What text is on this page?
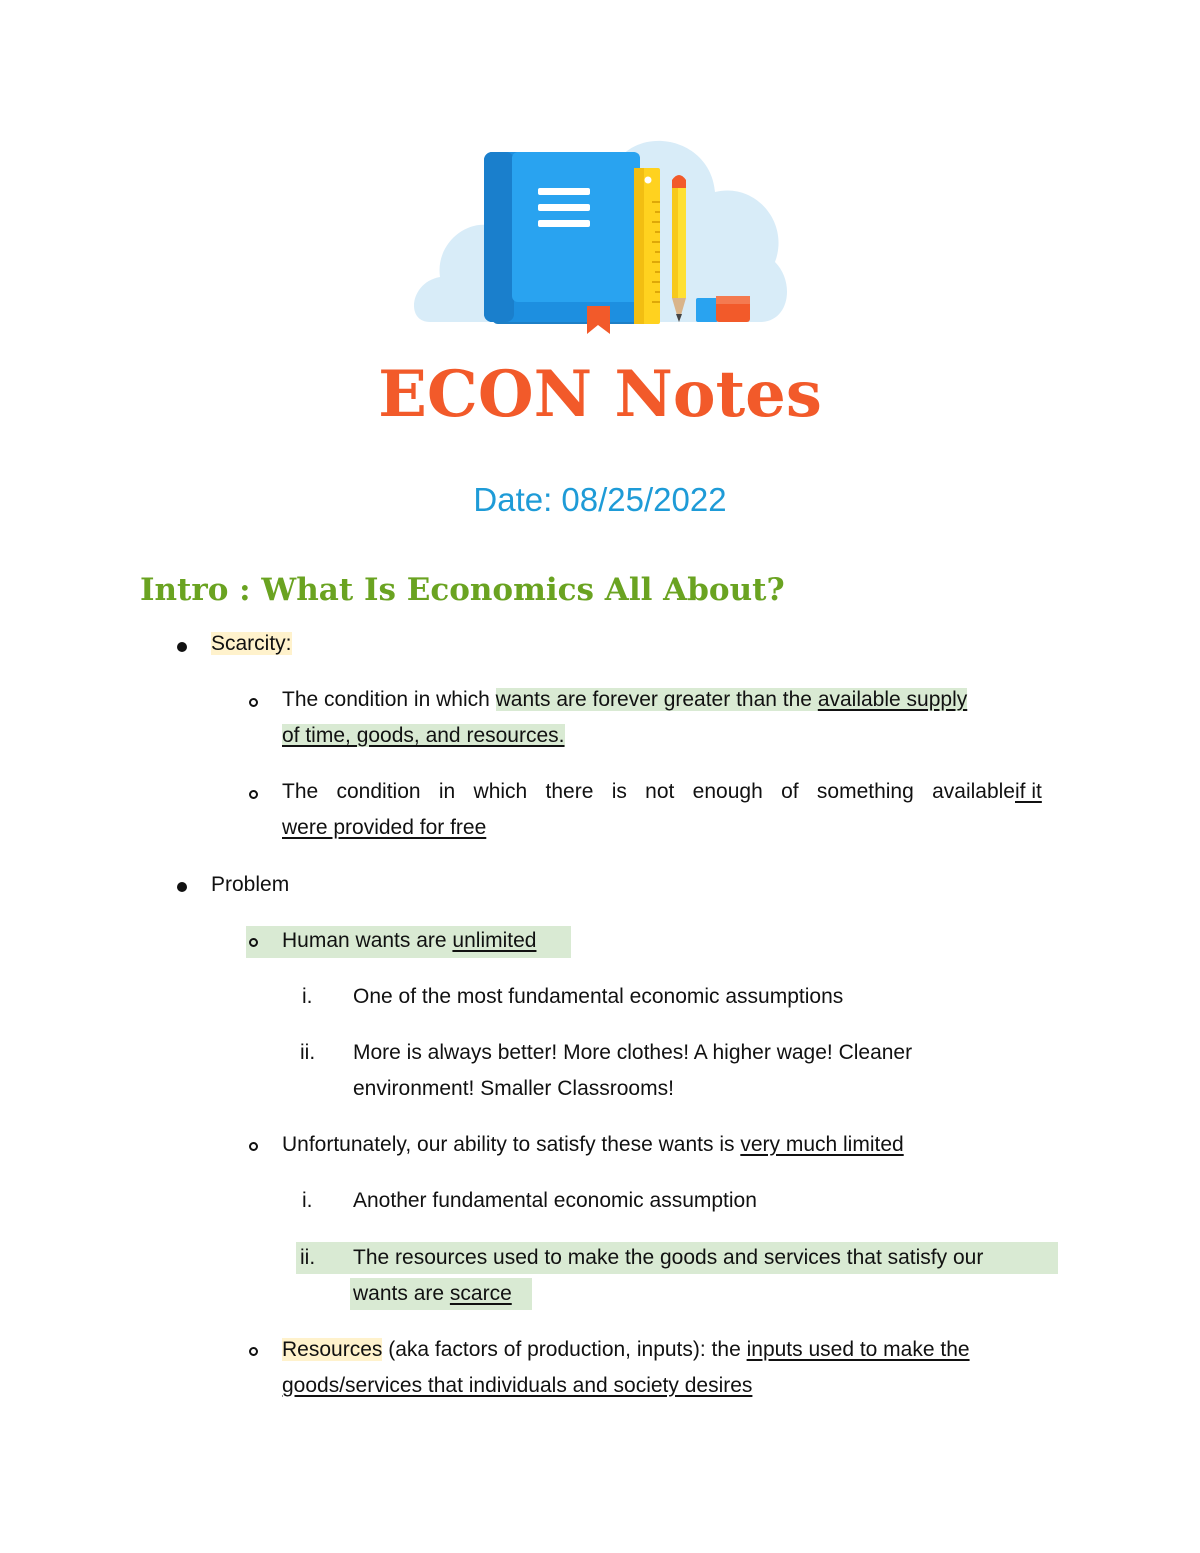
ECON Notes
Date: 08/25/2022
Intro : What Is Economics All About?
Scarcity:
The condition in which wants are forever greater than the available supply
of time, goods, and resources.
The condition in which there is not enough of something availableif it
were provided for free
Problem
Human wants are unlimited
i. One of the most fundamental economic assumptions
ii. More is always better! More clothes! A higher wage! Cleaner
environment! Smaller Classrooms!
Unfortunately, our ability to satisfy these wants is very much limited
i. Another fundamental economic assumption
ii. The resources used to make the goods and services that satisfy our
wants are scarce
Resources (aka factors of production, inputs): the inputs used to make the
goods/services that individuals and society desires
